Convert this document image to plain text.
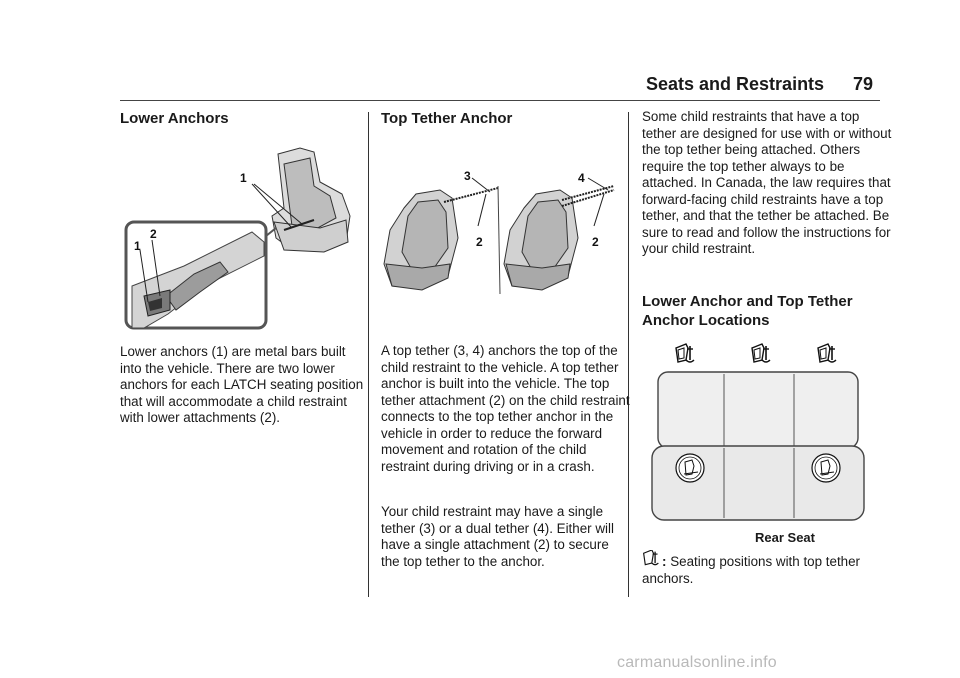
Seats and Restraints 79
Lower Anchors
1
2
1

Lower anchors (1) are metal bars built into the vehicle. There are two lower anchors for each LATCH seating position that will accommodate a child restraint with lower attachments (2).

Top Tether Anchor
3
2
4
2

A top tether (3, 4) anchors the top of the child restraint to the vehicle. A top tether anchor is built into the vehicle. The top tether attachment (2) on the child restraint connects to the top tether anchor in the vehicle in order to reduce the forward movement and rotation of the child restraint during driving or in a crash.

Your child restraint may have a single tether (3) or a dual tether (4). Either will have a single attachment (2) to secure the top tether to the anchor.

Some child restraints that have a top tether are designed for use with or without the top tether being attached. Others require the top tether always to be attached. In Canada, the law requires that forward-facing child restraints have a top tether, and that the tether be attached. Be sure to read and follow the instructions for your child restraint.

Lower Anchor and Top Tether Anchor Locations
Rear Seat
: Seating positions with top tether anchors.
carmanualsonline.info
